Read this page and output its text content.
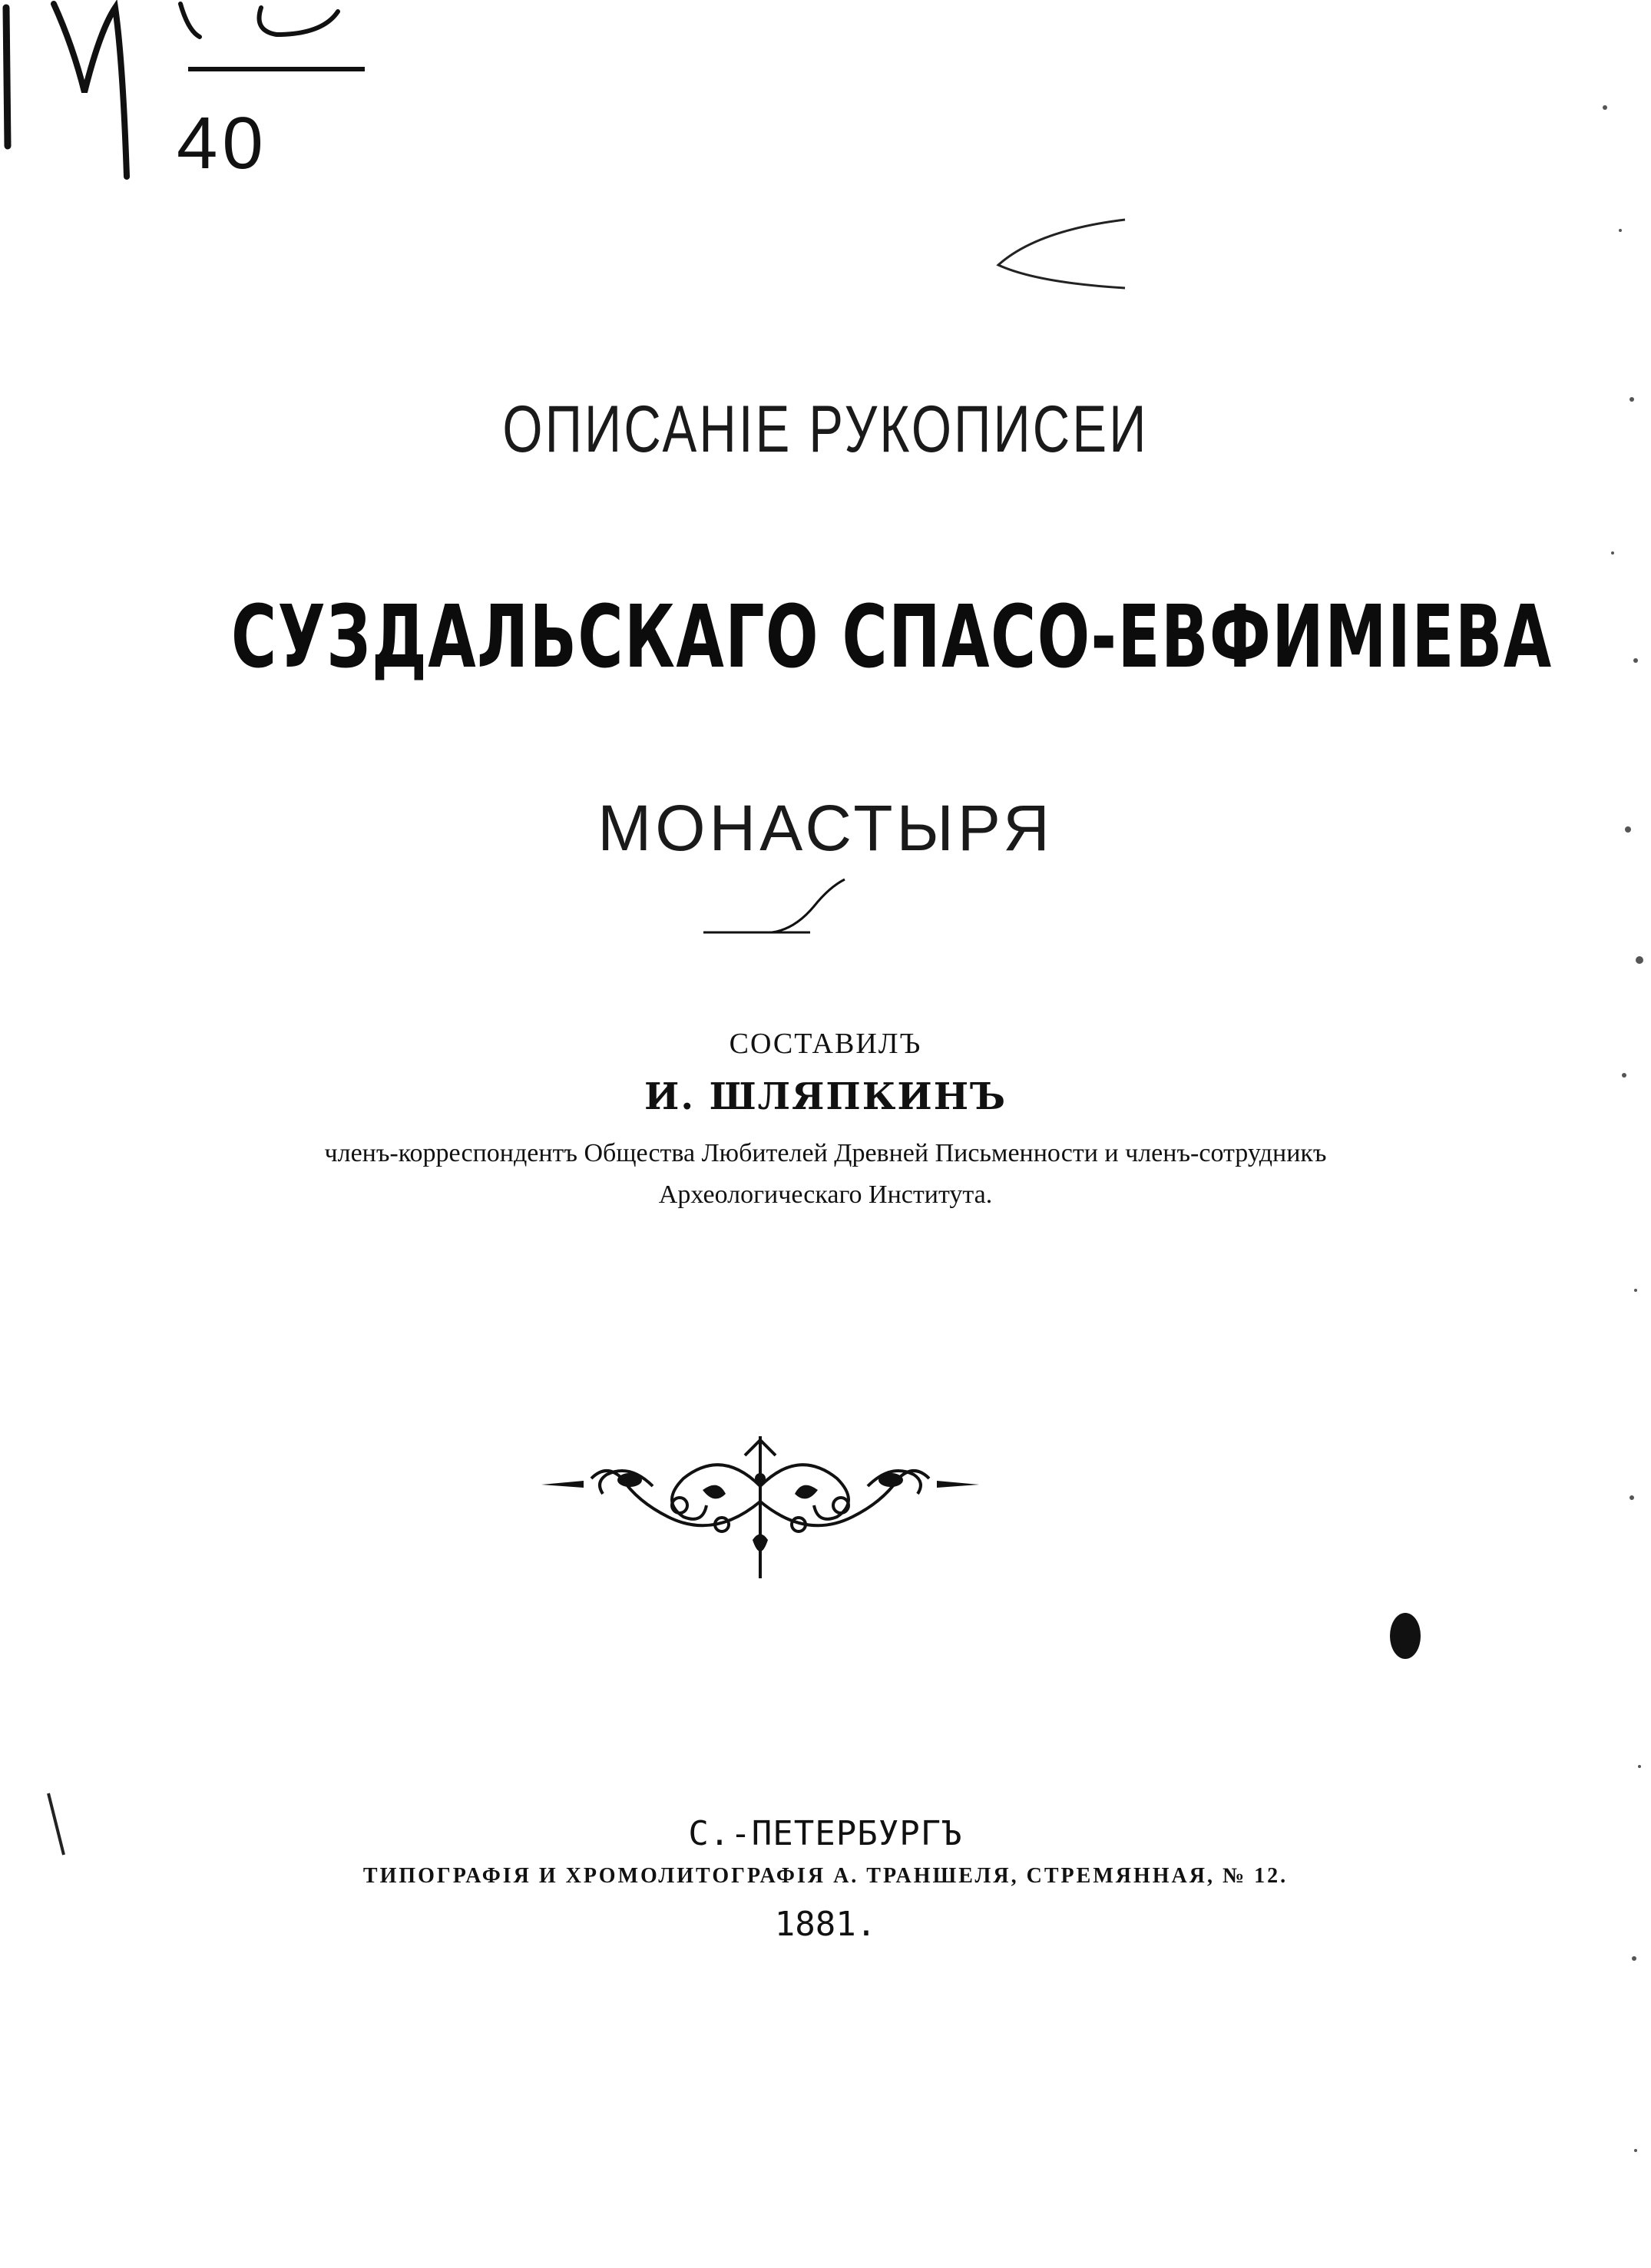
40
ОПИСАНІЕ РУКОПИСЕИ
СУЗДАЛЬСКАГО СПАСО-ЕВФИМІЕВА
МОНАСТЫРЯ
СОСТАВИЛЪ
И. ШЛЯПКИНЪ
членъ-корреспондентъ Общества Любителей Древней Письменности и членъ-сотрудникъ
Археологическаго Института.
С.-ПЕТЕРБУРГЪ
ТИПОГРАФІЯ И ХРОМОЛИТОГРАФІЯ А. ТРАНШЕЛЯ, СТРЕМЯННАЯ, № 12.
1881.
